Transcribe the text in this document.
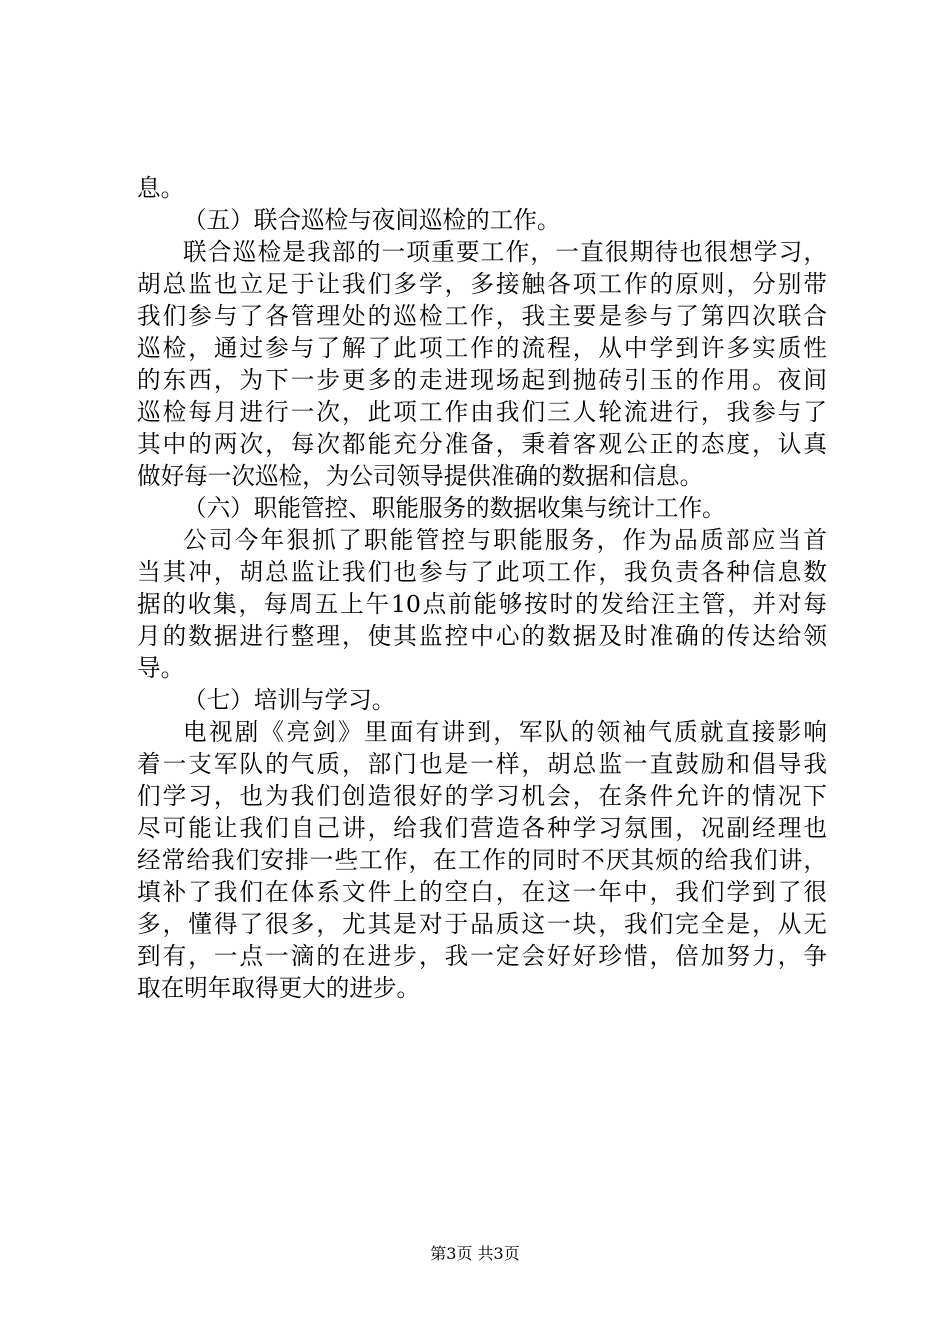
息。
（五）联合巡检与夜间巡检的工作。
联合巡检是我部的一项重要工作，一直很期待也很想学习，
胡总监也立足于让我们多学，多接触各项工作的原则，分别带
我们参与了各管理处的巡检工作，我主要是参与了第四次联合
巡检，通过参与了解了此项工作的流程，从中学到许多实质性
的东西，为下一步更多的走进现场起到抛砖引玉的作用。夜间
巡检每月进行一次，此项工作由我们三人轮流进行，我参与了
其中的两次，每次都能充分准备，秉着客观公正的态度，认真
做好每一次巡检，为公司领导提供准确的数据和信息。
（六）职能管控、职能服务的数据收集与统计工作。
公司今年狠抓了职能管控与职能服务，作为品质部应当首
当其冲，胡总监让我们也参与了此项工作，我负责各种信息数
据的收集，每周五上午10点前能够按时的发给汪主管，并对每
月的数据进行整理，使其监控中心的数据及时准确的传达给领
导。
（七）培训与学习。
电视剧《亮剑》里面有讲到，军队的领袖气质就直接影响
着一支军队的气质，部门也是一样，胡总监一直鼓励和倡导我
们学习，也为我们创造很好的学习机会，在条件允许的情况下
尽可能让我们自己讲，给我们营造各种学习氛围，况副经理也
经常给我们安排一些工作，在工作的同时不厌其烦的给我们讲，
填补了我们在体系文件上的空白，在这一年中，我们学到了很
多，懂得了很多，尤其是对于品质这一块，我们完全是，从无
到有，一点一滴的在进步，我一定会好好珍惜，倍加努力，争
取在明年取得更大的进步。
第3页 共3页
